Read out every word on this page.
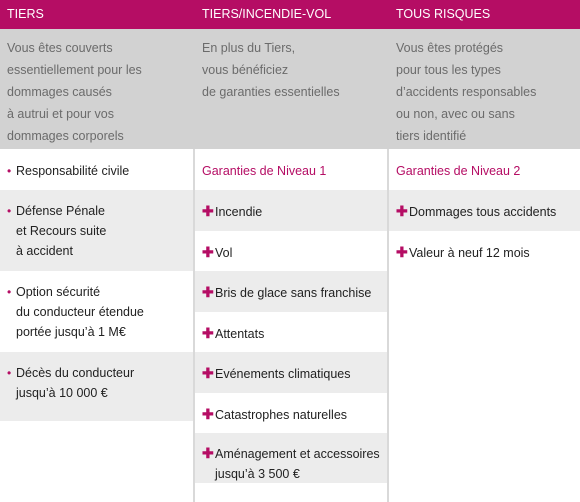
TIERS
Vous êtes couverts
essentiellement pour les
dommages causés
à autrui et pour vos
dommages corporels
• Responsabilité civile
• Défense Pénale
et Recours suite
à accident
• Option sécurité
du conducteur étendue
portée jusqu’à 1 M€
• Décès du conducteur
jusqu’à 10 000 €
TIERS/INCENDIE-VOL
En plus du Tiers,
vous bénéficiez
de garanties essentielles
Garanties de Niveau 1
✚ Incendie
✚ Vol
✚ Bris de glace sans franchise
✚ Attentats
✚ Evénements climatiques
✚ Catastrophes naturelles
✚ Aménagement et accessoires
jusqu’à 3 500 €
TOUS RISQUES
Vous êtes protégés
pour tous les types
d’accidents responsables
ou non, avec ou sans
tiers identifié
Garanties de Niveau 2
✚ Dommages tous accidents
✚ Valeur à neuf 12 mois
